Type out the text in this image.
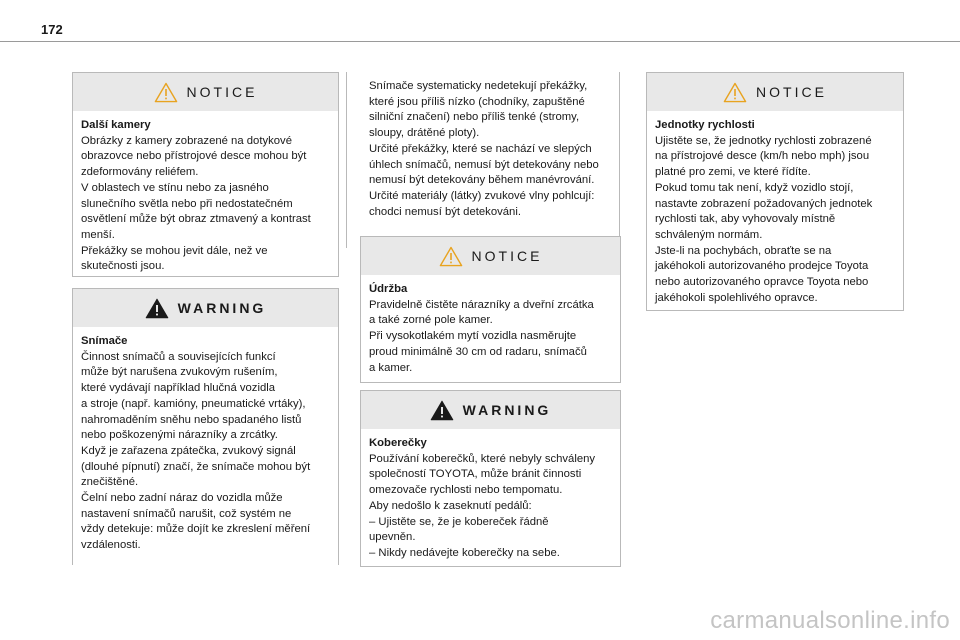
172
NOTICE

Další kamery

Obrázky z kamery zobrazené na dotykové

obrazovce nebo přístrojové desce mohou být

zdeformovány reliéfem.

V oblastech ve stínu nebo za jasného

slunečního světla nebo při nedostatečném

osvětlení může být obraz ztmavený a kontrast

menší.

Překážky se mohou jevit dále, než ve

skutečnosti jsou.

WARNING

Snímače

Činnost snímačů a souvisejících funkcí

může být narušena zvukovým rušením,

které vydávají například hlučná vozidla

a stroje (např. kamióny, pneumatické vrtáky),

nahromaděním sněhu nebo spadaného listů

nebo poškozenými nárazníky a zrcátky.

Když je zařazena zpátečka, zvukový signál

(dlouhé pípnutí) značí, že snímače mohou být

znečištěné.

Čelní nebo zadní náraz do vozidla může

nastavení snímačů narušit, což systém ne

vždy detekuje: může dojít ke zkreslení měření

vzdálenosti.

Snímače systematicky nedetekují překážky,

které jsou příliš nízko (chodníky, zapuštěné

silniční značení) nebo příliš tenké (stromy,

sloupy, drátěné ploty).

Určité překážky, které se nachází ve slepých

úhlech snímačů, nemusí být detekovány nebo

nemusí být detekovány během manévrování.

Určité materiály (látky) zvukové vlny pohlcují:

chodci nemusí být detekováni.

NOTICE

Údržba

Pravidelně čistěte nárazníky a dveřní zrcátka

a také zorné pole kamer.

Při vysokotlakém mytí vozidla nasměrujte

proud minimálně 30 cm od radaru, snímačů

a kamer.

WARNING

Koberečky

Používání koberečků, které nebyly schváleny

společností TOYOTA, může bránit činnosti

omezovače rychlosti nebo tempomatu.

Aby nedošlo k zaseknutí pedálů:

– Ujistěte se, že je kobereček řádně

upevněn.

– Nikdy nedávejte koberečky na sebe.

NOTICE

Jednotky rychlosti

Ujistěte se, že jednotky rychlosti zobrazené

na přístrojové desce (km/h nebo mph) jsou

platné pro zemi, ve které řídíte.

Pokud tomu tak není, když vozidlo stojí,

nastavte zobrazení požadovaných jednotek

rychlosti tak, aby vyhovovaly místně

schváleným normám.

Jste-li na pochybách, obraťte se na

jakéhokoli autorizovaného prodejce Toyota

nebo autorizovaného opravce Toyota nebo

jakéhokoli spolehlivého opravce.

carmanualsonline.info
